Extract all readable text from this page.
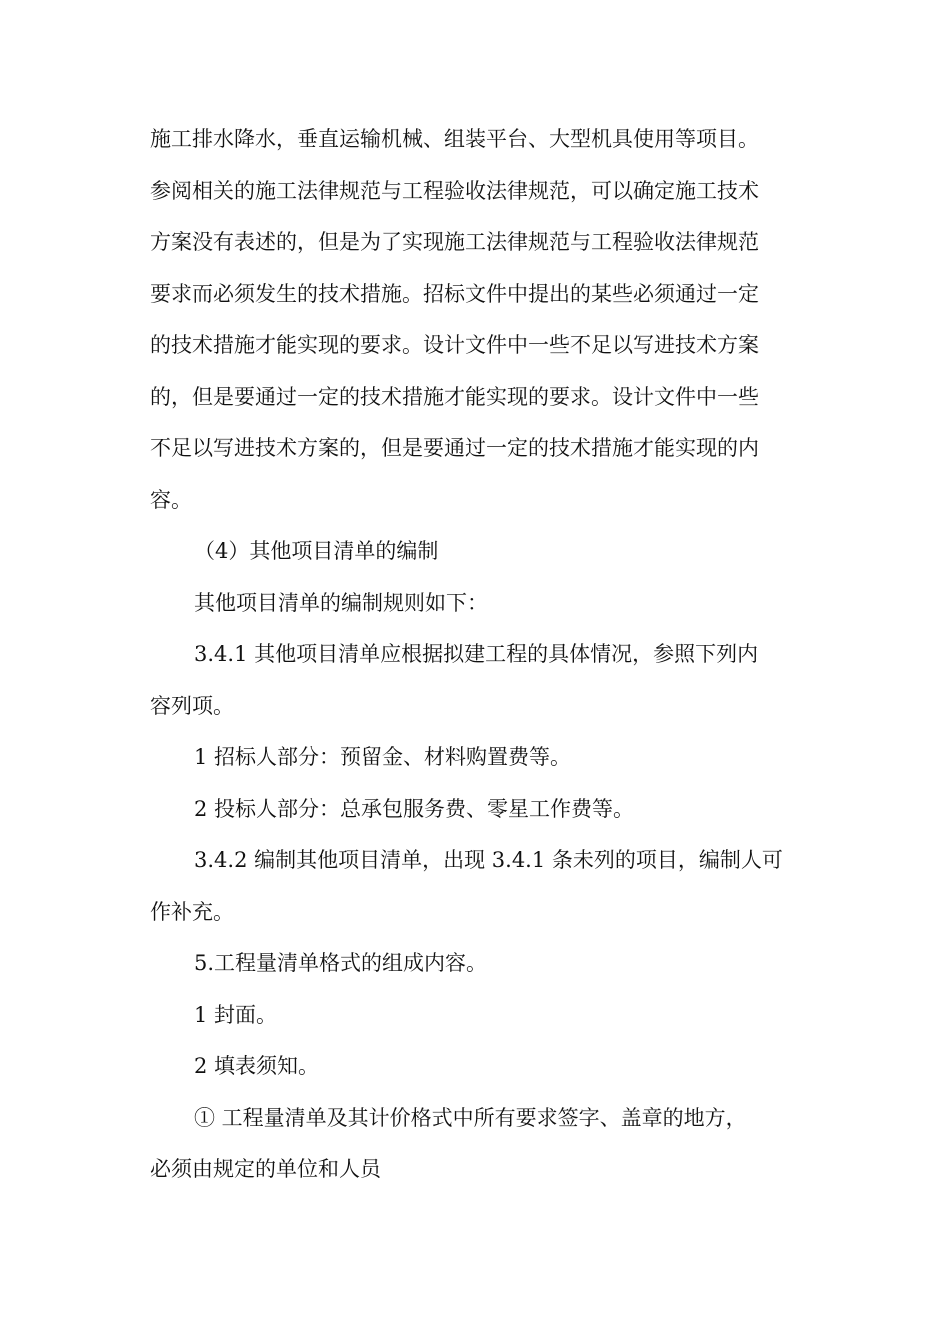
施工排水降水，垂直运输机械、组装平台、大型机具使用等项目。
参阅相关的施工法律规范与工程验收法律规范，可以确定施工技术
方案没有表述的，但是为了实现施工法律规范与工程验收法律规范
要求而必须发生的技术措施。招标文件中提出的某些必须通过一定
的技术措施才能实现的要求。设计文件中一些不足以写进技术方案
的，但是要通过一定的技术措施才能实现的要求。设计文件中一些
不足以写进技术方案的，但是要通过一定的技术措施才能实现的内
容。
（4）其他项目清单的编制
其他项目清单的编制规则如下：
3.4.1 其他项目清单应根据拟建工程的具体情况，参照下列内
容列项。
1 招标人部分：预留金、材料购置费等。
2 投标人部分：总承包服务费、零星工作费等。
3.4.2 编制其他项目清单，出现 3.4.1 条未列的项目，编制人可
作补充。
5.工程量清单格式的组成内容。
1 封面。
2 填表须知。
① 工程量清单及其计价格式中所有要求签字、盖章的地方，
必须由规定的单位和人员
